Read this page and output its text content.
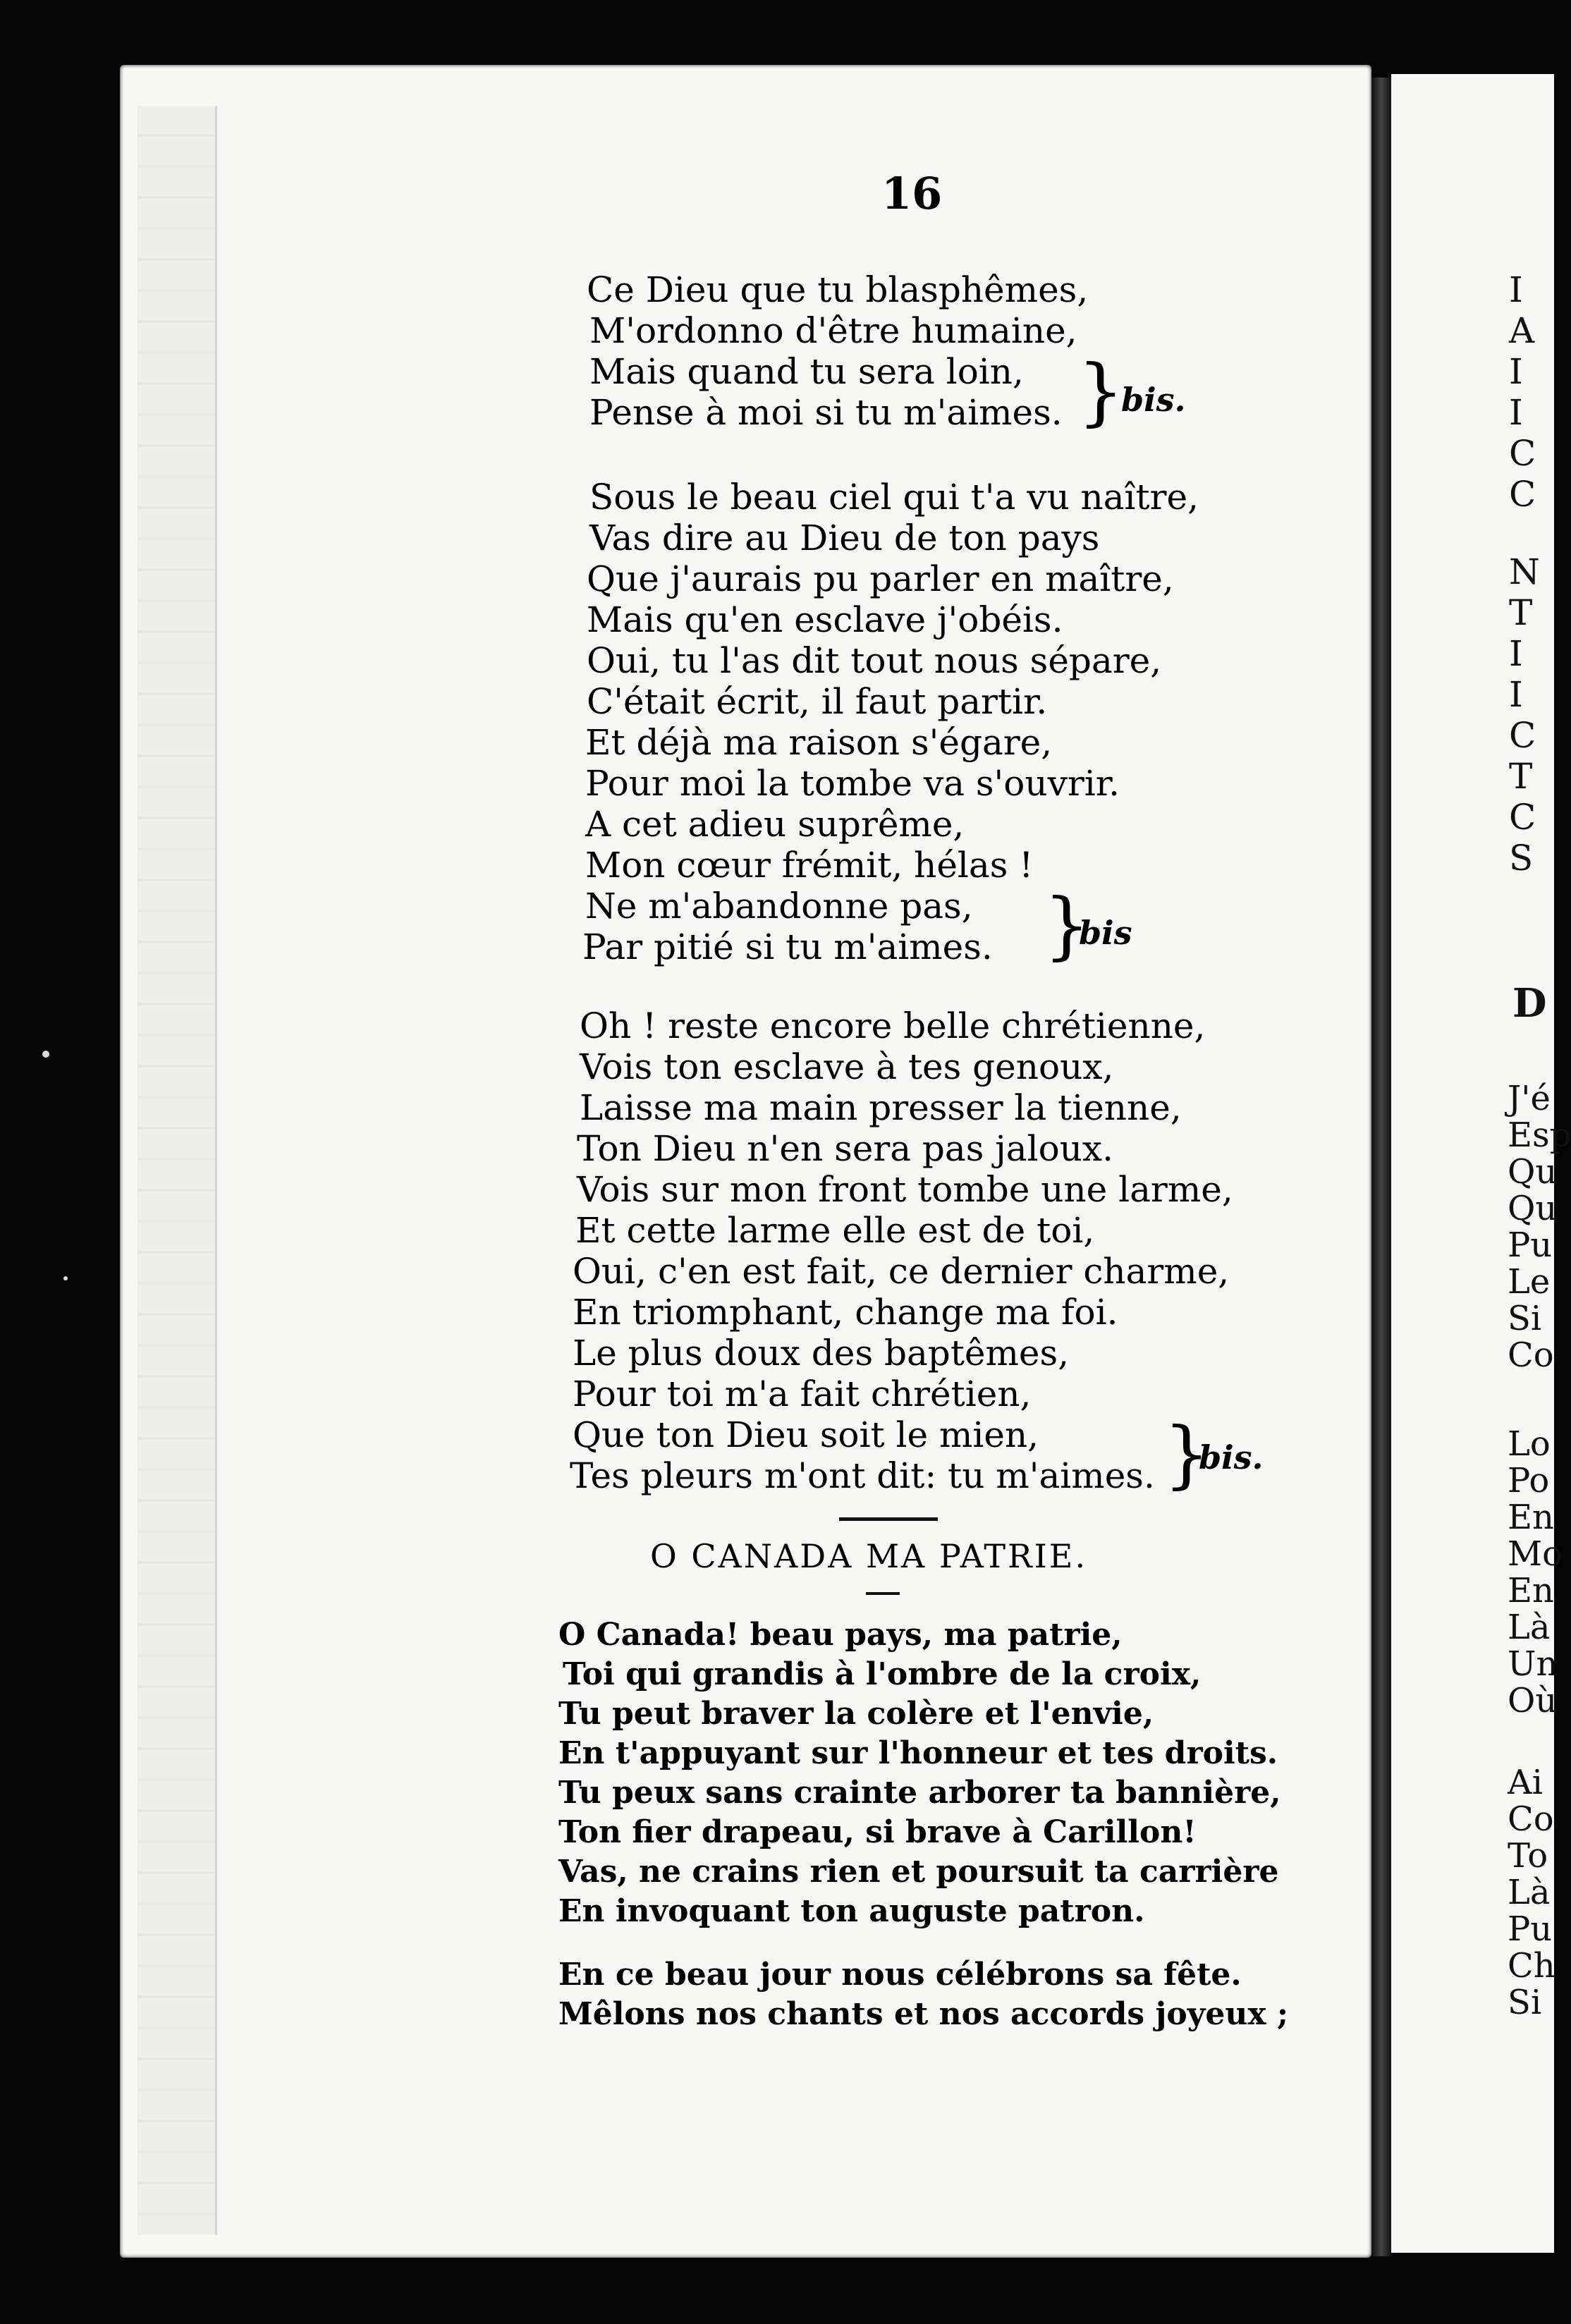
16
Ce Dieu que tu blasphêmes,
M'ordonno d'être humaine,
Mais quand tu sera loin,
Pense à moi si tu m'aimes. }
bis.
Sous le beau ciel qui t'a vu naître,
Vas dire au Dieu de ton pays
Que j'aurais pu parler en maître,
Mais qu'en esclave j'obéis.
Oui, tu l'as dit tout nous sépare,
C'était écrit, il faut partir.
Et déjà ma raison s'égare,
Pour moi la tombe va s'ouvrir.
A cet adieu suprême,
Mon cœur frémit, hélas !
Ne m'abandonne pas,
Par pitié si tu m'aimes. }
bis
Oh ! reste encore belle chrétienne,
Vois ton esclave à tes genoux,
Laisse ma main presser la tienne,
Ton Dieu n'en sera pas jaloux.
Vois sur mon front tombe une larme,
Et cette larme elle est de toi,
Oui, c'en est fait, ce dernier charme,
En triomphant, change ma foi.
Le plus doux des baptêmes,
Pour toi m'a fait chrétien,
Que ton Dieu soit le mien,
Tes pleurs m'ont dit: tu m'aimes. }
bis.
O CANADA MA PATRIE.
O Canada! beau pays, ma patrie,
Toi qui grandis à l'ombre de la croix,
Tu peut braver la colère et l'envie,
En t'appuyant sur l'honneur et tes droits.
Tu peux sans crainte arborer ta bannière,
Ton fier drapeau, si brave à Carillon!
Vas, ne crains rien et poursuit ta carrière
En invoquant ton auguste patron.
En ce beau jour nous célébrons sa fête.
Mêlons nos chants et nos accords joyeux ;
I
A
I
I
C
C
N
T
I
I
C
T
C
S
D
J'é
Esp
Qu
Qu
Pu
Le
Si
Co
Lo
Po
En
Mo
En
Là
Un
Où
Ai
Co
To
Là
Pu
Ch
Si
